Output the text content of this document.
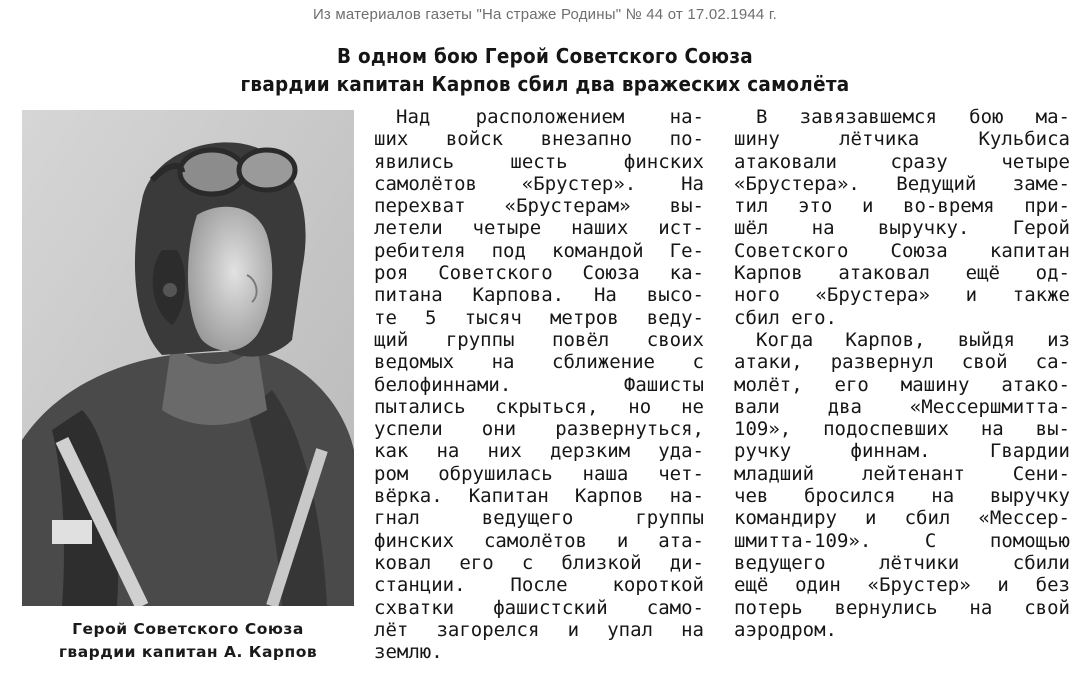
Из материалов газеты "На страже Родины" № 44 от 17.02.1944 г.
В одном бою Герой Советского Союза
гвардии капитан Карпов сбил два вражеских самолёта
Герой Советского Союза
гвардии капитан А. Карпов
Над расположением на-
ших войск внезапно по-
явились шесть финских
самолётов «Брустер». На
перехват «Брустерам» вы-
летели четыре наших ист-
ребителя под командой Ге-
роя Советского Союза ка-
питана Карпова. На высо-
те 5 тысяч метров веду-
щий группы повёл своих
ведомых на сближение с
белофиннами. Фашисты
пытались скрыться, но не
успели они развернуться,
как на них дерзким уда-
ром обрушилась наша чет-
вёрка. Капитан Карпов на-
гнал ведущего группы
финских самолётов и ата-
ковал его с близкой ди-
станции. После короткой
схватки фашистский само-
лёт загорелся и упал на
землю.
В завязавшемся бою ма-
шину лётчика Кульбиса
атаковали сразу четыре
«Брустера». Ведущий заме-
тил это и во-время при-
шёл на выручку. Герой
Советского Союза капитан
Карпов атаковал ещё од-
ного «Брустера» и также
сбил его.
Когда Карпов, выйдя из
атаки, развернул свой са-
молёт, его машину атако-
вали два «Мессершмитта-
109», подоспевших на вы-
ручку финнам. Гвардии
младший лейтенант Сени-
чев бросился на выручку
командиру и сбил «Мессер-
шмитта-109». С помощью
ведущего лётчики сбили
ещё один «Брустер» и без
потерь вернулись на свой
аэродром.
